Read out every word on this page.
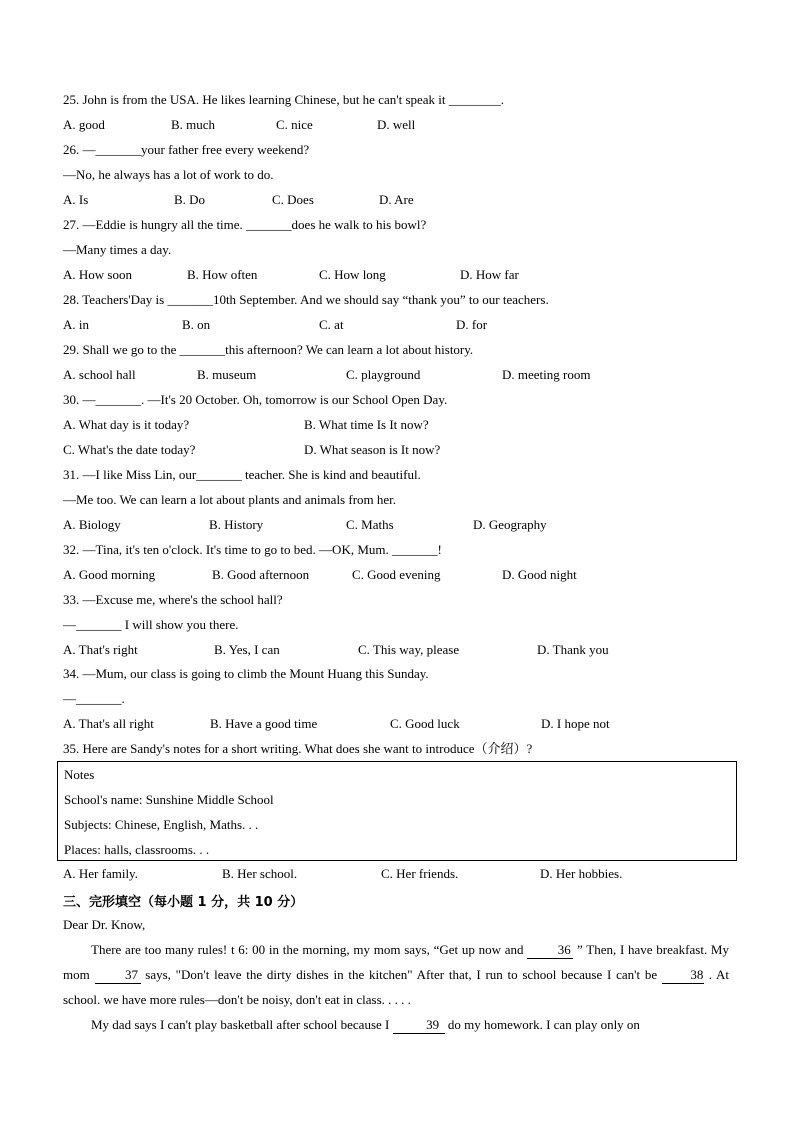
25. John is from the USA. He likes learning Chinese, but he can't speak it ________.
A. good	B. much	C. nice	D. well
26. —_______your father free every weekend?
—No, he always has a lot of work to do.
A. Is	B. Do	C. Does	D. Are
27. —Eddie is hungry all the time. _______does he walk to his bowl?
—Many times a day.
A. How soon	B. How often	C. How long	D. How far
28. Teachers'Day is _______10th September. And we should say “thank you” to our teachers.
A. in	B. on	C. at	D. for
29. Shall we go to the _______this afternoon? We can learn a lot about history.
A. school hall	B. museum	C. playground	D. meeting room
30. —_______. —It's 20 October. Oh, tomorrow is our School Open Day.
A. What day is it today?	B. What time Is It now?
C. What's the date today?	D. What season is It now?
31. —I like Miss Lin, our_______ teacher. She is kind and beautiful.
—Me too. We can learn a lot about plants and animals from her.
A. Biology	B. History	C. Maths	D. Geography
32. —Tina, it's ten o'clock. It's time to go to bed. —OK, Mum. _______!
A. Good morning	B. Good afternoon	C. Good evening	D. Good night
33. —Excuse me, where's the school hall?
—_______ I will show you there.
A. That's right	B. Yes, I can	C. This way, please	D. Thank you
34. —Mum, our class is going to climb the Mount Huang this Sunday.
—_______.
A. That's all right	B. Have a good time	C. Good luck	D. I hope not
35. Here are Sandy's notes for a short writing. What does she want to introduce（介绍）?
Notes
School's name: Sunshine Middle School
Subjects: Chinese, English, Maths. . .
Places: halls, classrooms. . .
A. Her family.	B. Her school.	C. Her friends.	D. Her hobbies.
三、完形填空（每小题 1 分，共 10 分）
Dear Dr. Know,
There are too many rules! t 6: 00 in the morning, my mom says, “Get up now and 36 ” Then, I have breakfast. My mom 37 says, "Don't leave the dirty dishes in the kitchen" After that, I run to school because I can't be 38 . At school. we have more rules—don't be noisy, don't eat in class. . . . .
My dad says I can't play basketball after school because I	39 do my homework. I can play only on
